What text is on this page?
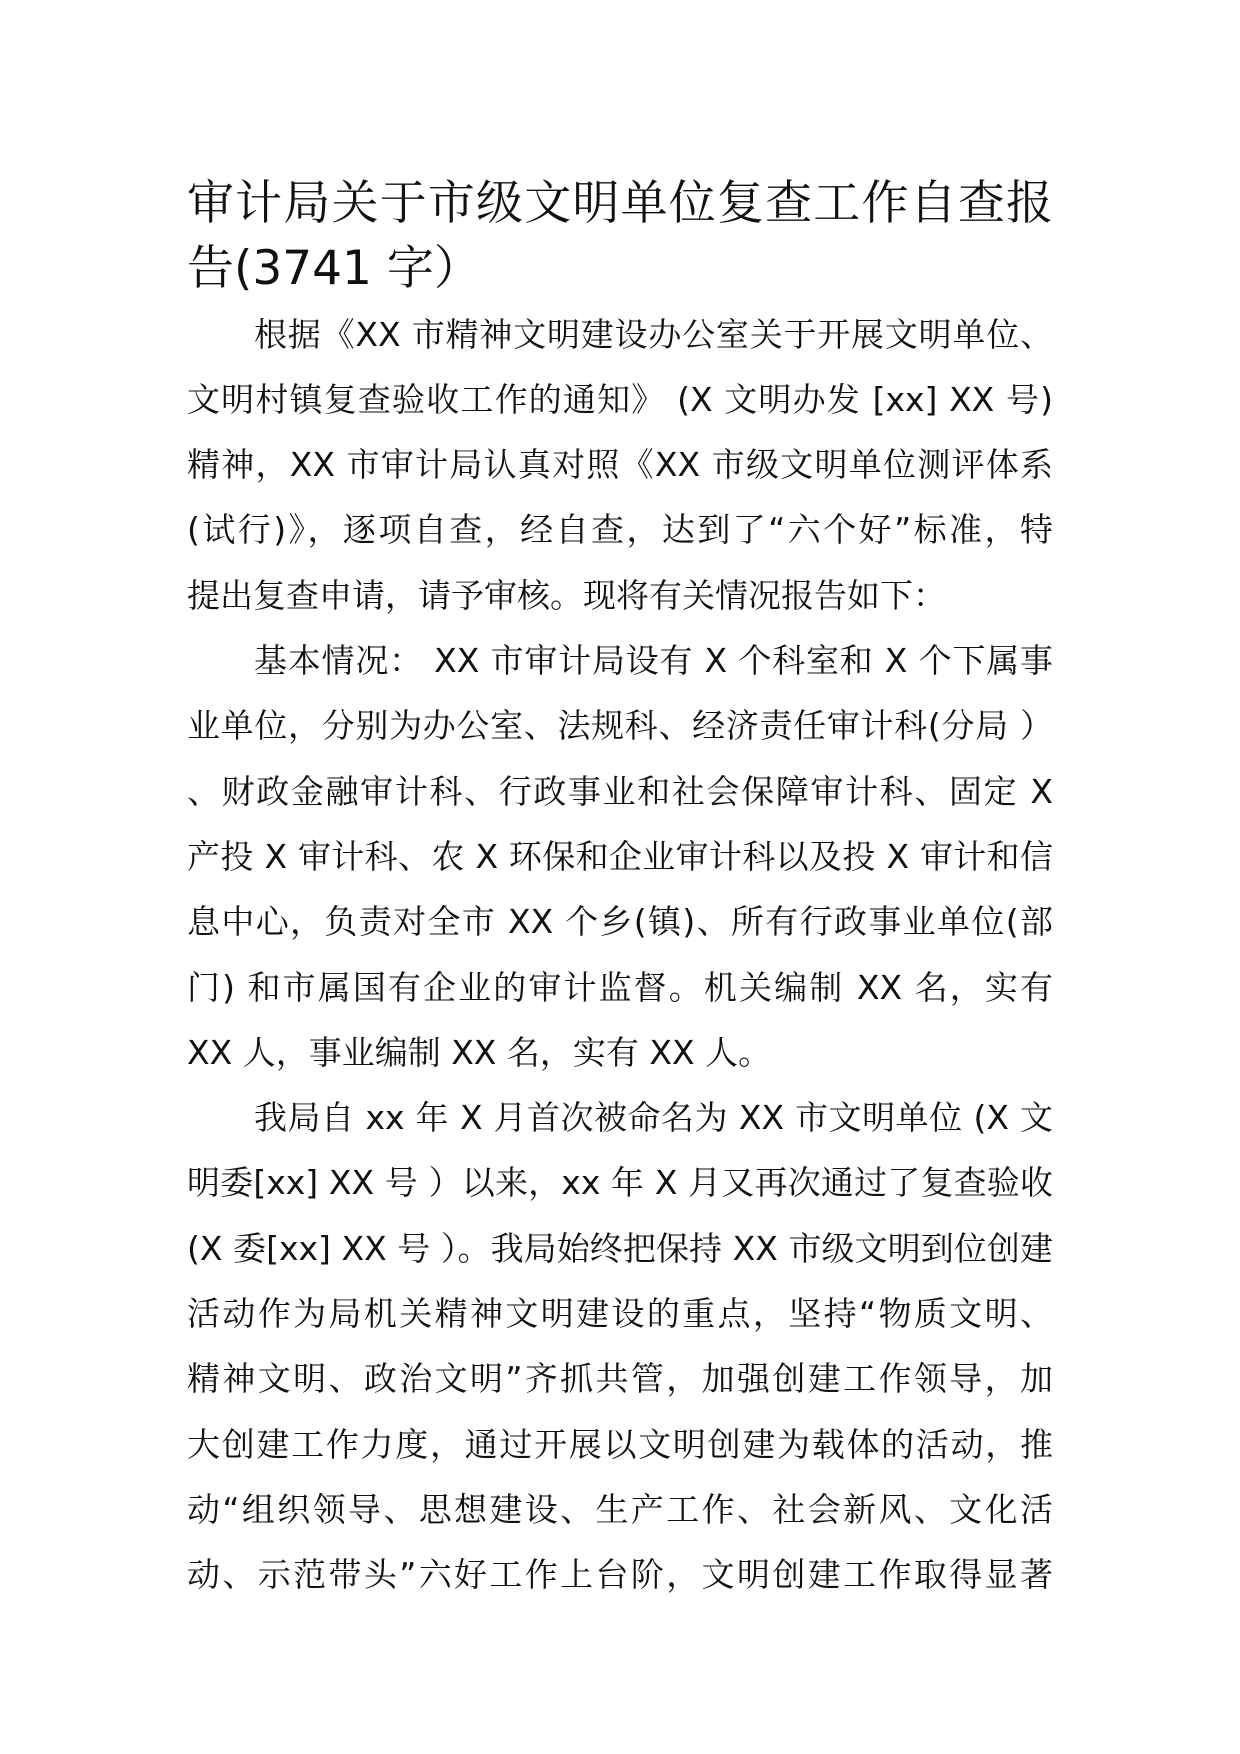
审计局关于市级文明单位复查工作自查报
告(3741 字）
根据《XX 市精神文明建设办公室关于开展文明单位、
文明村镇复查验收工作的通知》 (X 文明办发 [xx] XX 号)
精神，XX 市审计局认真对照《XX 市级文明单位测评体系
(试行)》，逐项自查，经自查，达到了“六个好”标准，特
提出复查申请，请予审核。现将有关情况报告如下：
基本情况： XX 市审计局设有 X 个科室和 X 个下属事
业单位，分别为办公室、法规科、经济责任审计科(分局 ）
、财政金融审计科、行政事业和社会保障审计科、固定 X
产投 X 审计科、农 X 环保和企业审计科以及投 X 审计和信
息中心，负责对全市 XX 个乡(镇)、所有行政事业单位(部
门) 和市属国有企业的审计监督。机关编制 XX 名，实有
XX 人，事业编制 XX 名，实有 XX 人。
我局自 xx 年 X 月首次被命名为 XX 市文明单位 (X 文
明委[xx] XX 号 ）以来，xx 年 X 月又再次通过了复查验收
(X 委[xx] XX 号 ）。我局始终把保持 XX 市级文明到位创建
活动作为局机关精神文明建设的重点，坚持“物质文明、
精神文明、政治文明”齐抓共管，加强创建工作领导，加
大创建工作力度，通过开展以文明创建为载体的活动，推
动“组织领导、思想建设、生产工作、社会新风、文化活
动、示范带头”六好工作上台阶，文明创建工作取得显著
